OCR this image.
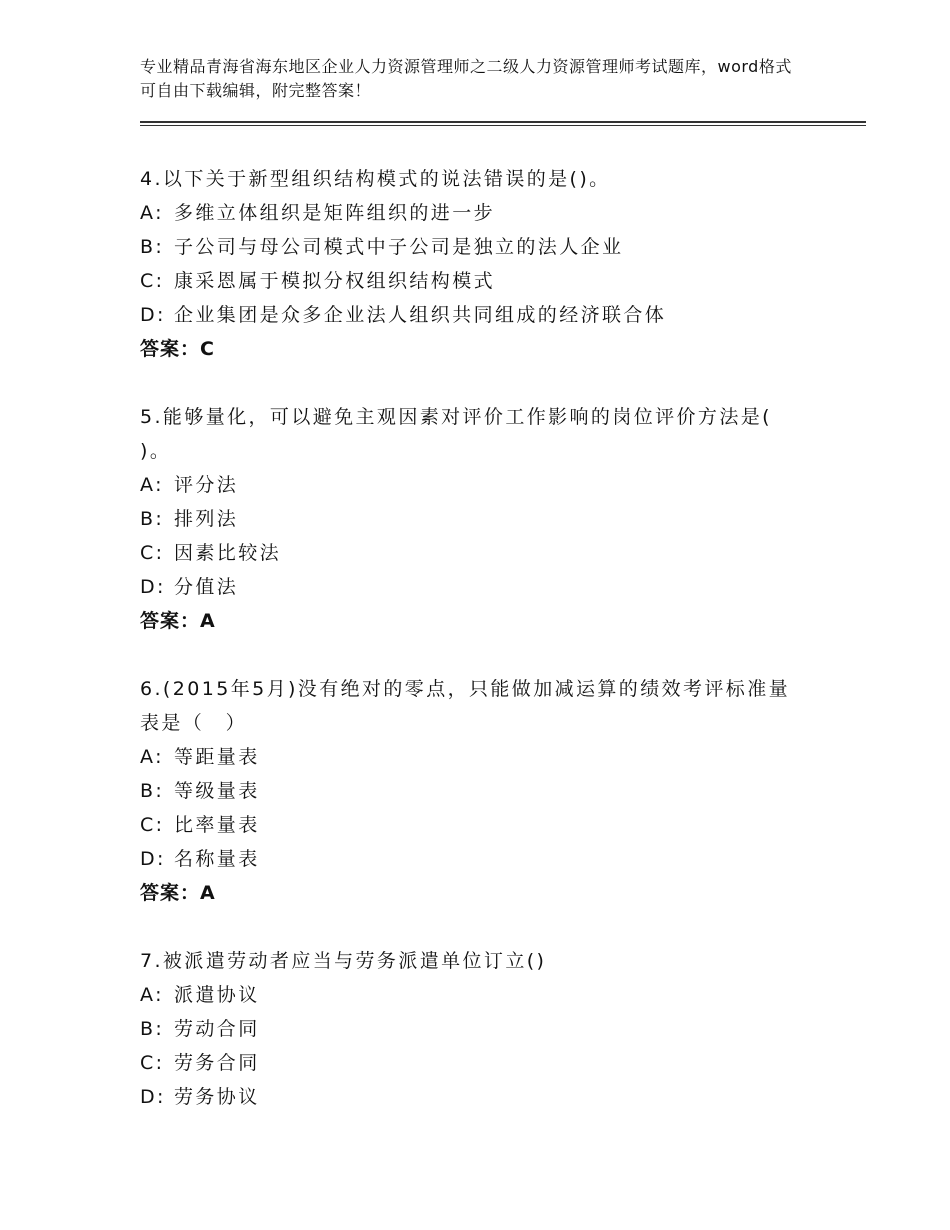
专业精品青海省海东地区企业人力资源管理师之二级人力资源管理师考试题库，word格式可自由下载编辑，附完整答案！
4.以下关于新型组织结构模式的说法错误的是()。
A: 多维立体组织是矩阵组织的进一步
B: 子公司与母公司模式中子公司是独立的法人企业
C: 康采恩属于模拟分权组织结构模式
D: 企业集团是众多企业法人组织共同组成的经济联合体
答案：C
5.能够量化，可以避免主观因素对评价工作影响的岗位评价方法是( )。
A: 评分法
B: 排列法
C: 因素比较法
D: 分值法
答案：A
6.(2015年5月)没有绝对的零点，只能做加减运算的绩效考评标准量表是（　）
A: 等距量表
B: 等级量表
C: 比率量表
D: 名称量表
答案：A
7.被派遣劳动者应当与劳务派遣单位订立()
A: 派遣协议
B: 劳动合同
C: 劳务合同
D: 劳务协议
